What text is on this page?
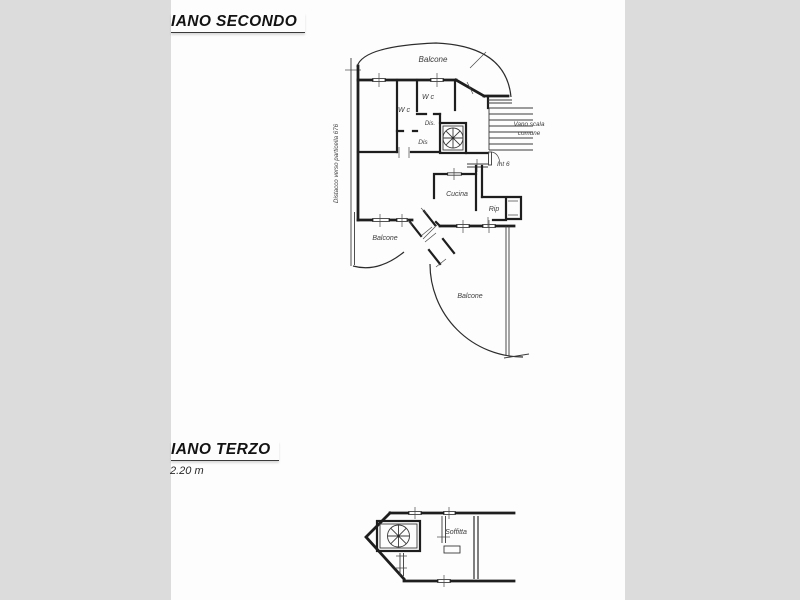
Balcone
W c
W c
Dis.
Dis
Vano scala
comune
Int 6
Cucina
Rip
Balcone
Balcone
Distacco verso particella 676
Soffitta
IANO SECONDO
IANO TERZO
2.20 m
